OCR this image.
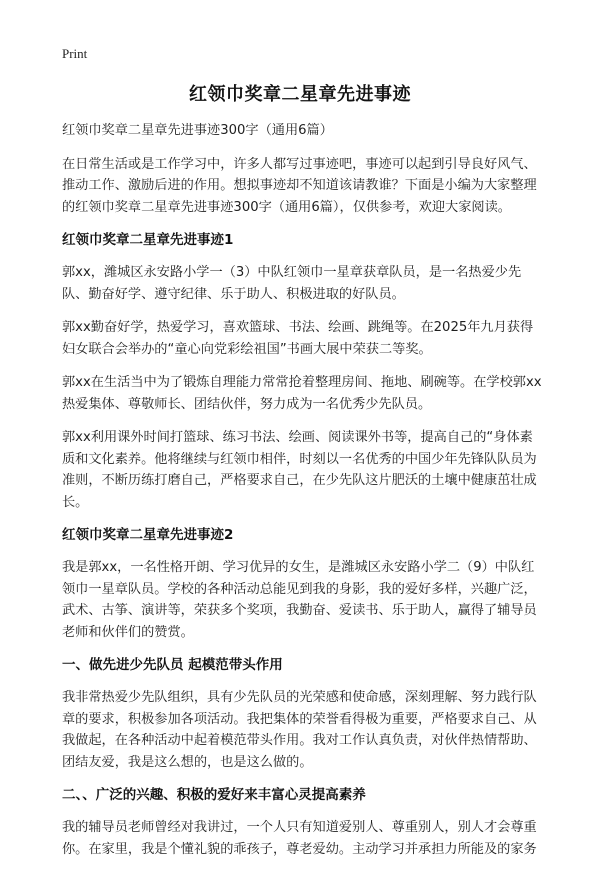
Print
红领巾奖章二星章先进事迹

红领巾奖章二星章先进事迹300字（通用6篇）

在日常生活或是工作学习中，许多人都写过事迹吧，事迹可以起到引导良好风气、推动工作、激励后进的作用。想拟事迹却不知道该请教谁？下面是小编为大家整理的红领巾奖章二星章先进事迹300字（通用6篇），仅供参考，欢迎大家阅读。

红领巾奖章二星章先进事迹1

郭xx，潍城区永安路小学一（3）中队红领巾一星章获章队员，是一名热爱少先队、勤奋好学、遵守纪律、乐于助人、积极进取的好队员。

郭xx勤奋好学，热爱学习，喜欢篮球、书法、绘画、跳绳等。在2025年九月获得妇女联合会举办的“童心向党彩绘祖国”书画大展中荣获二等奖。

郭xx在生活当中为了锻炼自理能力常常抢着整理房间、拖地、刷碗等。在学校郭xx热爱集体、尊敬师长、团结伙伴，努力成为一名优秀少先队员。

郭xx利用课外时间打篮球、练习书法、绘画、阅读课外书等，提高自己的“身体素质和文化素养。他将继续与红领巾相伴，时刻以一名优秀的中国少年先锋队队员为准则，不断历练打磨自己，严格要求自己，在少先队这片肥沃的土壤中健康茁壮成长。

红领巾奖章二星章先进事迹2

我是郭xx，一名性格开朗、学习优异的女生，是潍城区永安路小学二（9）中队红领巾一星章队员。学校的各种活动总能见到我的身影，我的爱好多样，兴趣广泛，武术、古筝、演讲等，荣获多个奖项，我勤奋、爱读书、乐于助人，赢得了辅导员老师和伙伴们的赞赏。

一、做先进少先队员 起模范带头作用

我非常热爱少先队组织，具有少先队员的光荣感和使命感，深刻理解、努力践行队章的要求，积极参加各项活动。我把集体的荣誉看得极为重要，严格要求自己、从我做起，在各种活动中起着模范带头作用。我对工作认真负责，对伙伴热情帮助、团结友爱，我是这么想的，也是这么做的。

二、、广泛的兴趣、积极的爱好来丰富心灵提高素养

我的辅导员老师曾经对我讲过，一个人只有知道爱别人、尊重别人，别人才会尊重你。在家里，我是个懂礼貌的乖孩子，尊老爱幼。主动学习并承担力所能及的家务
